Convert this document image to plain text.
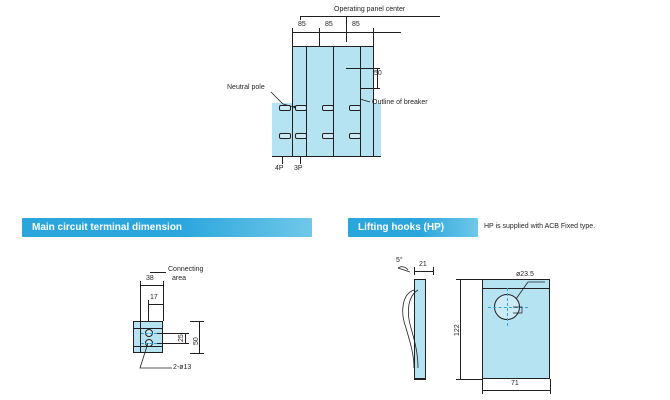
Operating panel center
85	85	85
50
Neutral pole
Outline of breaker
4P 3P
Main circuit terminal dimension	Lifting hooks (HP)	HP is supplied with ACB Fixed type.
Connecting
area
38
17
25 50
2-ø13
5°
21
ø23.5
122
71
